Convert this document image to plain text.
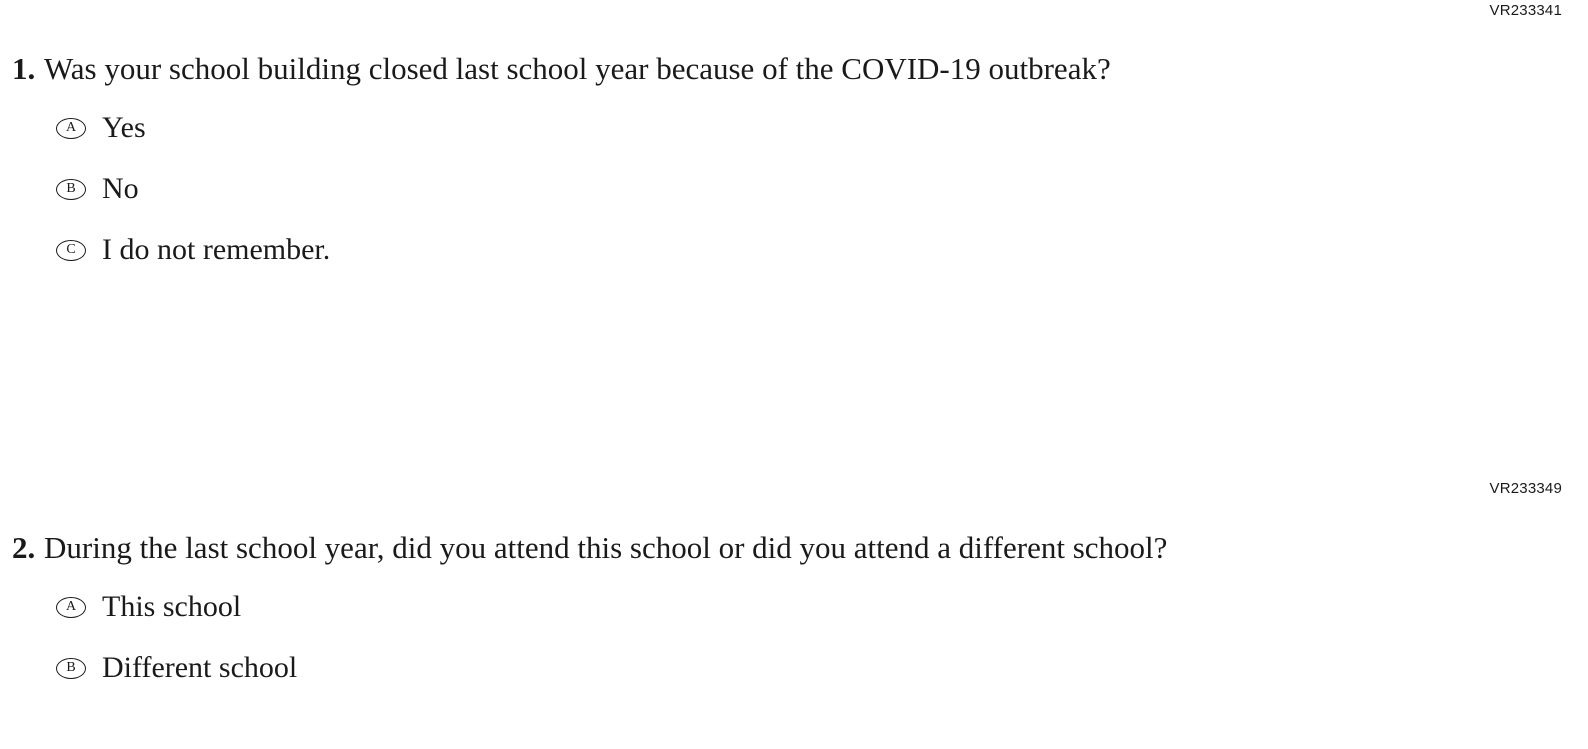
VR233341
1. Was your school building closed last school year because of the COVID-19 outbreak?
A Yes
B No
C I do not remember.
VR233349
2. During the last school year, did you attend this school or did you attend a different school?
A This school
B Different school
